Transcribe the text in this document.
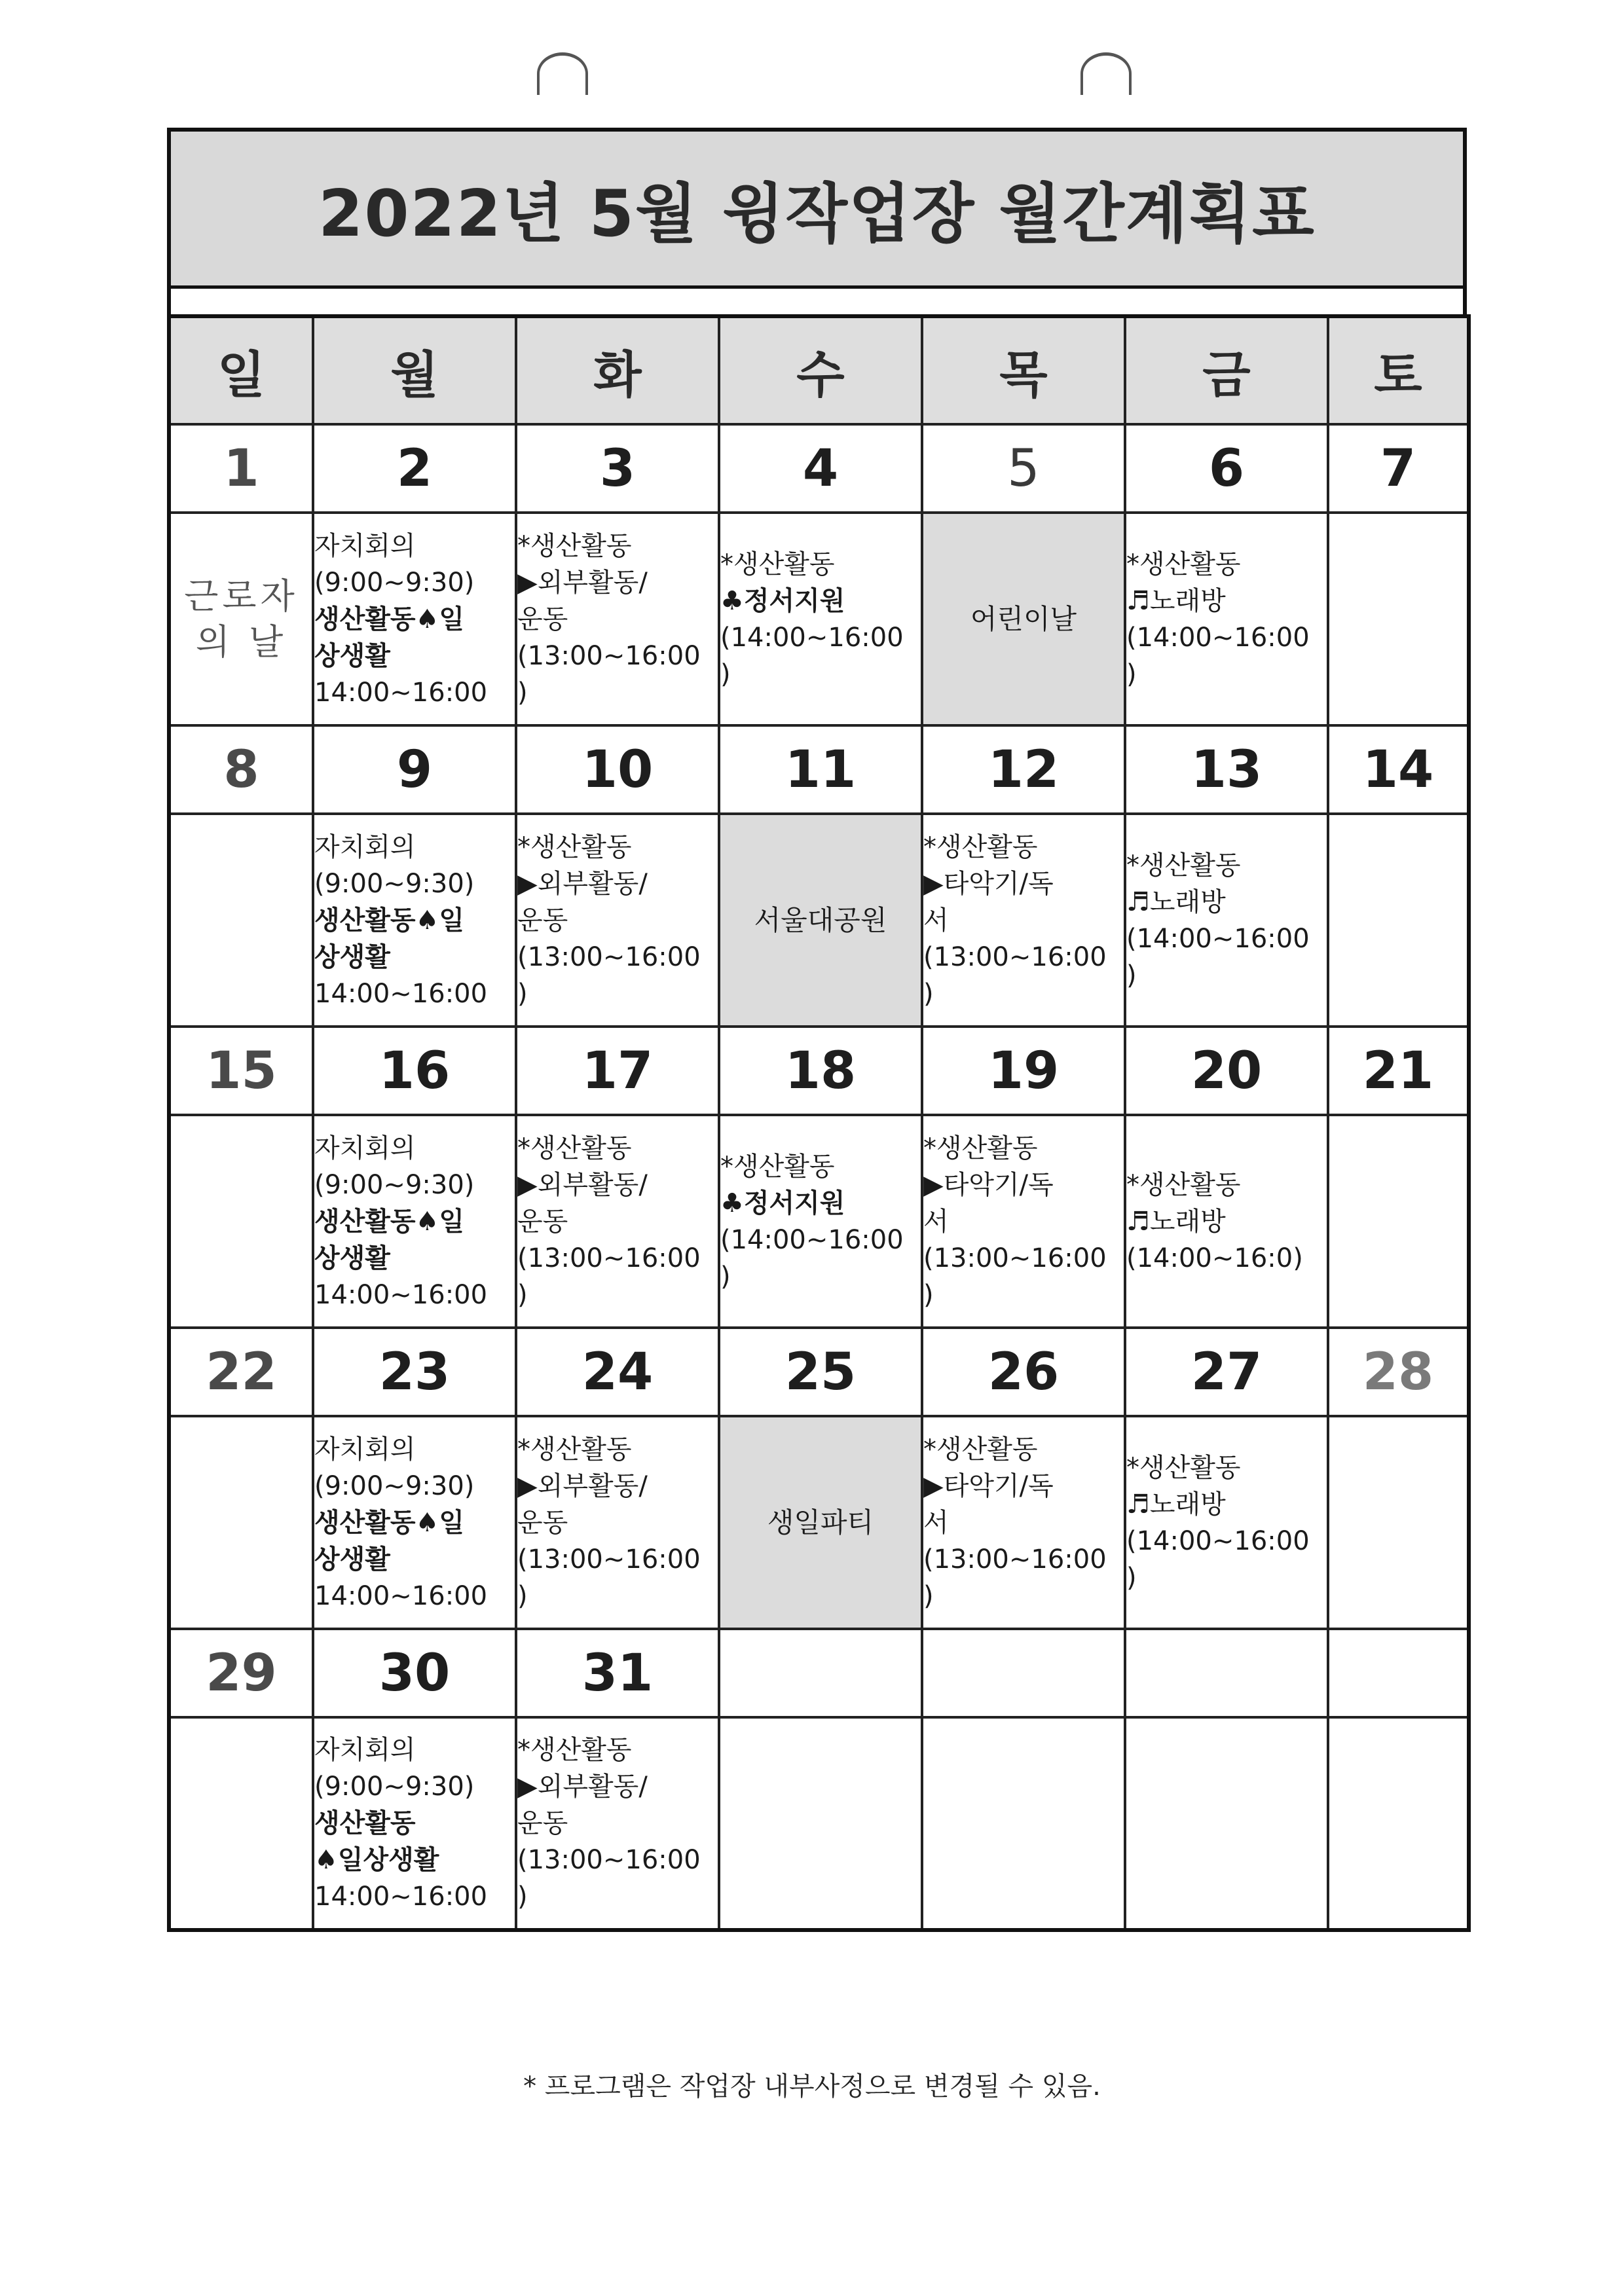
2022년 5월 윙작업장 월간계획표
일	월	화	수	목	금	토
1	2	3	4	5	6	7

근로자
의 날	자치회의
(9:00~9:30)
생산활동♠일
상생활
14:00~16:00	*생산활동
▶외부활동/
운동
(13:00~16:00
)	*생산활동
♣정서지원
(14:00~16:00
)	어린이날	*생산활동
♬노래방
(14:00~16:00
)	

8	9	10	11	12	13	14

	자치회의
(9:00~9:30)
생산활동♠일
상생활
14:00~16:00	*생산활동
▶외부활동/
운동
(13:00~16:00
)	서울대공원	*생산활동
▶타악기/독
서
(13:00~16:00
)	*생산활동
♬노래방
(14:00~16:00
)	

15	16	17	18	19	20	21

	자치회의
(9:00~9:30)
생산활동♠일
상생활
14:00~16:00	*생산활동
▶외부활동/
운동
(13:00~16:00
)	*생산활동
♣정서지원
(14:00~16:00
)	*생산활동
▶타악기/독
서
(13:00~16:00
)	*생산활동
♬노래방
(14:00~16:0)	

22	23	24	25	26	27	28

	자치회의
(9:00~9:30)
생산활동♠일
상생활
14:00~16:00	*생산활동
▶외부활동/
운동
(13:00~16:00
)	생일파티	*생산활동
▶타악기/독
서
(13:00~16:00
)	*생산활동
♬노래방
(14:00~16:00
)	

29	30	31				

	자치회의
(9:00~9:30)
생산활동
♠일상생활
14:00~16:00	*생산활동
▶외부활동/
운동
(13:00~16:00
)				

* 프로그램은 작업장 내부사정으로 변경될 수 있음.
